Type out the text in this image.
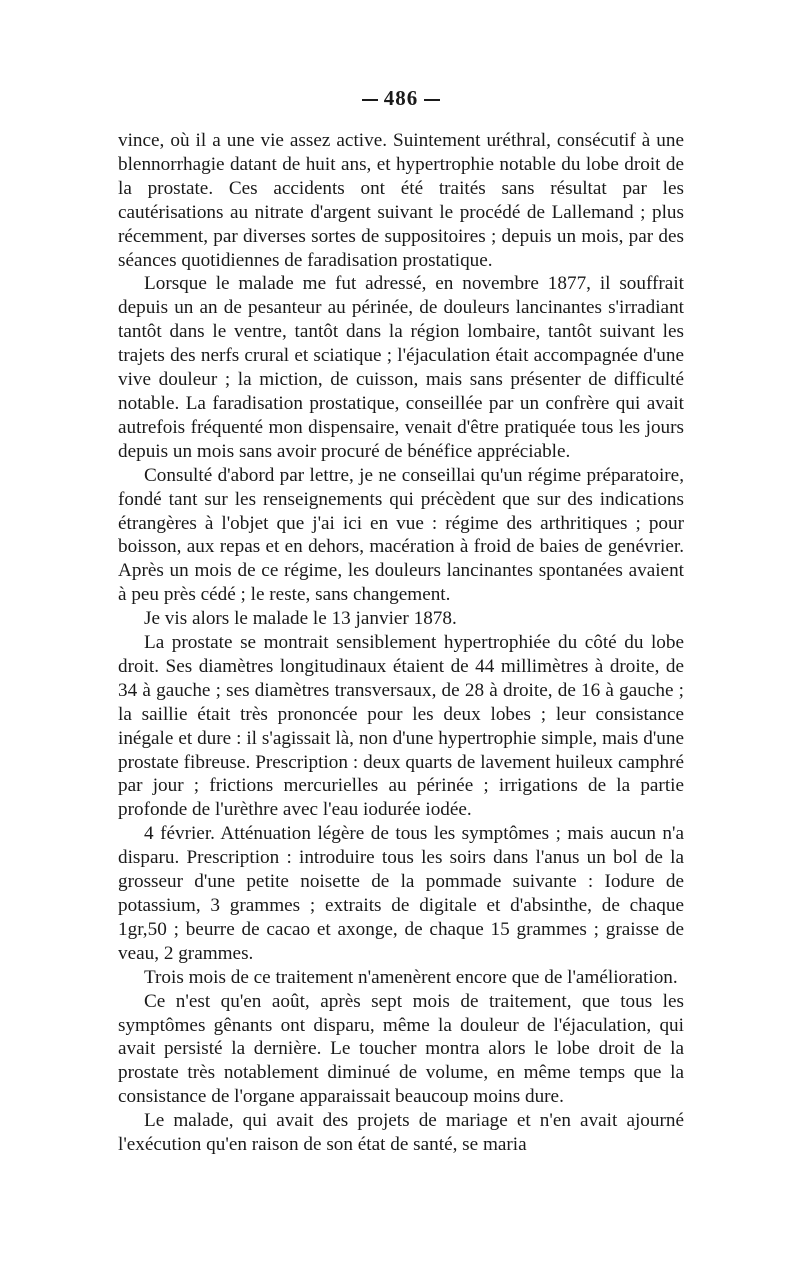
486

vince, où il a une vie assez active. Suintement uréthral, consécutif à une blennorrhagie datant de huit ans, et hypertrophie notable du lobe droit de la prostate. Ces accidents ont été traités sans résultat par les cautérisations au nitrate d'argent suivant le procédé de Lallemand ; plus récemment, par diverses sortes de suppositoires ; depuis un mois, par des séances quotidiennes de faradisation prostatique.

Lorsque le malade me fut adressé, en novembre 1877, il souffrait depuis un an de pesanteur au périnée, de douleurs lancinantes s'irradiant tantôt dans le ventre, tantôt dans la région lombaire, tantôt suivant les trajets des nerfs crural et sciatique ; l'éjaculation était accompagnée d'une vive douleur ; la miction, de cuisson, mais sans présenter de difficulté notable. La faradisation prostatique, conseillée par un confrère qui avait autrefois fréquenté mon dispensaire, venait d'être pratiquée tous les jours depuis un mois sans avoir procuré de bénéfice appréciable.

Consulté d'abord par lettre, je ne conseillai qu'un régime préparatoire, fondé tant sur les renseignements qui précèdent que sur des indications étrangères à l'objet que j'ai ici en vue : régime des arthritiques ; pour boisson, aux repas et en dehors, macération à froid de baies de genévrier. Après un mois de ce régime, les douleurs lancinantes spontanées avaient à peu près cédé ; le reste, sans changement.

Je vis alors le malade le 13 janvier 1878.

La prostate se montrait sensiblement hypertrophiée du côté du lobe droit. Ses diamètres longitudinaux étaient de 44 millimètres à droite, de 34 à gauche ; ses diamètres transversaux, de 28 à droite, de 16 à gauche ; la saillie était très prononcée pour les deux lobes ; leur consistance inégale et dure : il s'agissait là, non d'une hypertrophie simple, mais d'une prostate fibreuse. Prescription : deux quarts de lavement huileux camphré par jour ; frictions mercurielles au périnée ; irrigations de la partie profonde de l'urèthre avec l'eau iodurée iodée.

4 février. Atténuation légère de tous les symptômes ; mais aucun n'a disparu. Prescription : introduire tous les soirs dans l'anus un bol de la grosseur d'une petite noisette de la pommade suivante : Iodure de potassium, 3 grammes ; extraits de digitale et d'absinthe, de chaque 1gr,50 ; beurre de cacao et axonge, de chaque 15 grammes ; graisse de veau, 2 grammes.

Trois mois de ce traitement n'amenèrent encore que de l'amélioration.

Ce n'est qu'en août, après sept mois de traitement, que tous les symptômes gênants ont disparu, même la douleur de l'éjaculation, qui avait persisté la dernière. Le toucher montra alors le lobe droit de la prostate très notablement diminué de volume, en même temps que la consistance de l'organe apparaissait beaucoup moins dure.

Le malade, qui avait des projets de mariage et n'en avait ajourné l'exécution qu'en raison de son état de santé, se maria
